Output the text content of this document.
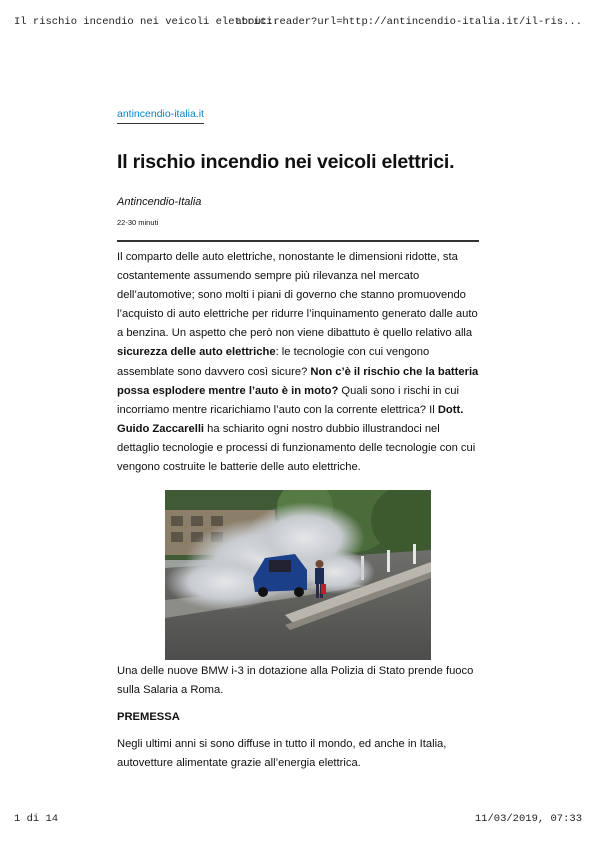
Il rischio incendio nei veicoli elettrici.
about:reader?url=http://antincendio-italia.it/il-ris...
antincendio-italia.it
Il rischio incendio nei veicoli elettrici.
Antincendio-Italia
22-30 minuti

Il comparto delle auto elettriche, nonostante le dimensioni ridotte, sta costantemente assumendo sempre più rilevanza nel mercato dell’automotive; sono molti i piani di governo che stanno promuovendo l’acquisto di auto elettriche per ridurre l’inquinamento generato dalle auto a benzina. Un aspetto che però non viene dibattuto è quello relativo alla sicurezza delle auto elettriche: le tecnologie con cui vengono assemblate sono davvero così sicure? Non c’è il rischio che la batteria possa esplodere mentre l’auto è in moto? Quali sono i rischi in cui incorriamo mentre ricarichiamo l’auto con la corrente elettrica? Il Dott. Guido Zaccarelli ha schiarito ogni nostro dubbio illustrandoci nel dettaglio tecnologie e processi di funzionamento delle tecnologie con cui vengono costruite le batterie delle auto elettriche.

Una delle nuove BMW i-3 in dotazione alla Polizia di Stato prende fuoco sulla Salaria a Roma.

PREMESSA

Negli ultimi anni si sono diffuse in tutto il mondo, ed anche in Italia, autovetture alimentate grazie all’energia elettrica.

1 di 14	11/03/2019, 07:33
